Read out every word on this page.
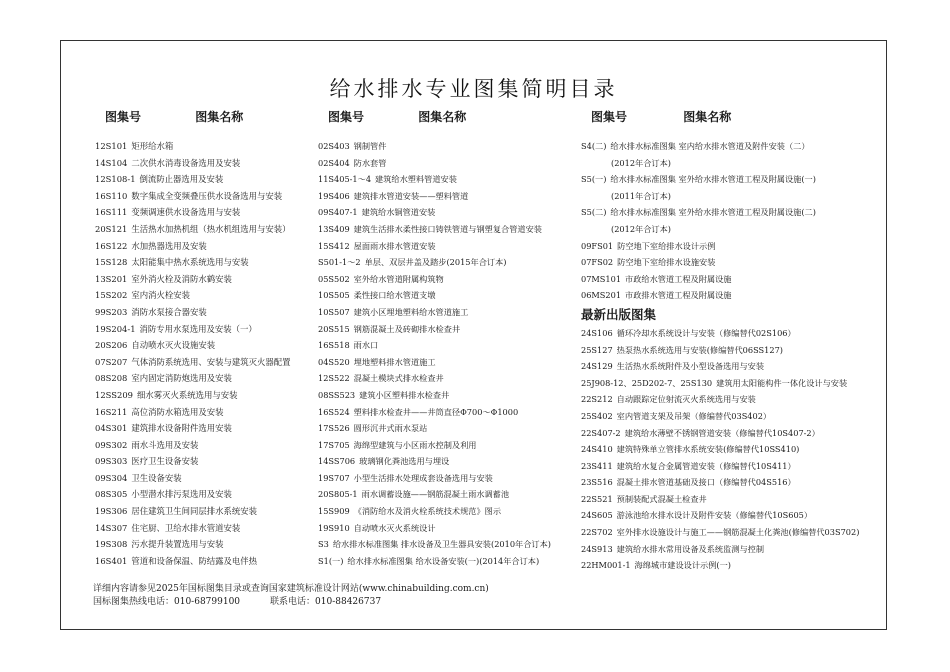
给水排水专业图集简明目录
图集号	图集名称
12S101 矩形给水箱
14S104 二次供水消毒设备选用及安装
12S108-1 倒流防止器选用及安装
16S110 数字集成全变频叠压供水设备选用与安装
16S111 变频调速供水设备选用与安装
20S121 生活热水加热机组（热水机组选用与安装）
16S122 水加热器选用及安装
15S128 太阳能集中热水系统选用与安装
13S201 室外消火栓及消防水鹤安装
15S202 室内消火栓安装
99S203 消防水泵接合器安装
19S204-1 消防专用水泵选用及安装（一）
20S206 自动喷水灭火设施安装
07S207 气体消防系统选用、安装与建筑灭火器配置
08S208 室内固定消防炮选用及安装
12SS209 细水雾灭火系统选用与安装
16S211 高位消防水箱选用及安装
04S301 建筑排水设备附件选用安装
09S302 雨水斗选用及安装
09S303 医疗卫生设备安装
09S304 卫生设备安装
08S305 小型潜水排污泵选用及安装
19S306 居住建筑卫生间同层排水系统安装
14S307 住宅厨、卫给水排水管道安装
19S308 污水提升装置选用与安装
16S401 管道和设备保温、防结露及电伴热
图集号	图集名称
02S403 钢制管件
02S404 防水套管
11S405-1～4 建筑给水塑料管道安装
19S406 建筑排水管道安装——塑料管道
09S407-1 建筑给水铜管道安装
13S409 建筑生活排水柔性接口铸铁管道与钢塑复合管道安装
15S412 屋面雨水排水管道安装
S501-1～2 单层、双层井盖及踏步(2015年合订本)
05S502 室外给水管道附属构筑物
10S505 柔性接口给水管道支墩
10S507 建筑小区埋地塑料给水管道施工
20S515 钢筋混凝土及砖砌排水检查井
16S518 雨水口
04S520 埋地塑料排水管道施工
12S522 混凝土模块式排水检查井
08SS523 建筑小区塑料排水检查井
16S524 塑料排水检查井——井筒直径Φ700～Φ1000
17S526 圆形沉井式雨水泵站
17S705 海绵型建筑与小区雨水控制及利用
14SS706 玻璃钢化粪池选用与埋设
19S707 小型生活排水处理成套设备选用与安装
20S805-1 雨水调蓄设施——钢筋混凝土雨水调蓄池
15S909 《消防给水及消火栓系统技术规范》图示
19S910 自动喷水灭火系统设计
S3 给水排水标准图集 排水设备及卫生器具安装(2010年合订本)
S1(一) 给水排水标准图集 给水设备安装(一)(2014年合订本)
图集号	图集名称
S4(二) 给水排水标准图集 室内给水排水管道及附件安装（二）
(2012年合订本)
S5(一) 给水排水标准图集 室外给水排水管道工程及附属设施(一)
(2011年合订本)
S5(二) 给水排水标准图集 室外给水排水管道工程及附属设施(二)
(2012年合订本)
09FS01 防空地下室给排水设计示例
07FS02 防空地下室给排水设施安装
07MS101 市政给水管道工程及附属设施
06MS201 市政排水管道工程及附属设施
最新出版图集
24S106 循环冷却水系统设计与安装（修编替代02S106）
25S127 热泵热水系统选用与安装(修编替代06SS127)
24S129 生活热水系统附件及小型设备选用与安装
25J908-12、25D202-7、25S130 建筑用太阳能构件一体化设计与安装
22S212 自动跟踪定位射流灭火系统选用与安装
25S402 室内管道支架及吊架（修编替代03S402）
22S407-2 建筑给水薄壁不锈钢管道安装（修编替代10S407-2）
24S410 建筑特殊单立管排水系统安装(修编替代10SS410)
23S411 建筑给水复合金属管道安装（修编替代10S411）
23S516 混凝土排水管道基础及接口（修编替代04S516）
22S521 预制装配式混凝土检查井
24S605 游泳池给水排水设计及附件安装（修编替代10S605）
22S702 室外排水设施设计与施工——钢筋混凝土化粪池(修编替代03S702)
24S913 建筑给水排水常用设备及系统监测与控制
22HM001-1 海绵城市建设设计示例(一)
详细内容请参见2025年国标图集目录或查询国家建筑标准设计网站(www.chinabuilding.com.cn)
国标图集热线电话：010-68799100	联系电话：010-88426737
